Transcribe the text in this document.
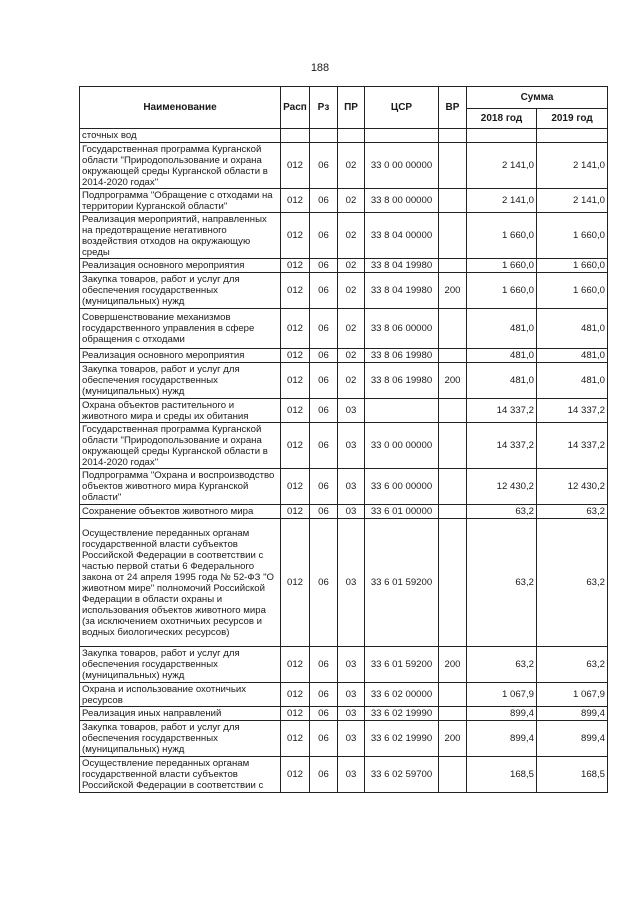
188
Наименование	Расп	Рз	ПР	ЦСР	ВР	Сумма	
						2018 год	2019 год
сточных вод							
Государственная программа Курганской области "Природопользование и охрана окружающей среды Курганской области в 2014-2020 годах"	012	06	02	33 0 00 00000		2 141,0	2 141,0
Подпрограмма "Обращение с отходами на территории Курганской области"	012	06	02	33 8 00 00000		2 141,0	2 141,0
Реализация мероприятий, направленных на предотвращение негативного воздействия отходов на окружающую среды	012	06	02	33 8 04 00000		1 660,0	1 660,0
Реализация основного мероприятия	012	06	02	33 8 04 19980		1 660,0	1 660,0
Закупка товаров, работ и услуг для обеспечения государственных (муниципальных) нужд	012	06	02	33 8 04 19980	200	1 660,0	1 660,0
Совершенствование механизмов государственного управления в сфере обращения с отходами	012	06	02	33 8 06 00000		481,0	481,0
Реализация основного мероприятия	012	06	02	33 8 06 19980		481,0	481,0
Закупка товаров, работ и услуг для обеспечения государственных (муниципальных) нужд	012	06	02	33 8 06 19980	200	481,0	481,0
Охрана объектов растительного и животного мира и среды их обитания	012	06	03			14 337,2	14 337,2
Государственная программа Курганской области "Природопользование и охрана окружающей среды Курганской области в 2014-2020 годах"	012	06	03	33 0 00 00000		14 337,2	14 337,2
Подпрограмма "Охрана и воспроизводство объектов животного мира Курганской области"	012	06	03	33 6 00 00000		12 430,2	12 430,2
Сохранение объектов животного мира	012	06	03	33 6 01 00000		63,2	63,2
Осуществление переданных органам государственной власти субъектов Российской Федерации в соответствии с частью первой статьи 6 Федерального закона от 24 апреля 1995 года № 52-ФЗ "О животном мире" полномочий Российской Федерации в области охраны и использования объектов животного мира (за исключением охотничьих ресурсов и водных биологических ресурсов)	012	06	03	33 6 01 59200		63,2	63,2
Закупка товаров, работ и услуг для обеспечения государственных (муниципальных) нужд	012	06	03	33 6 01 59200	200	63,2	63,2
Охрана и использование охотничьих ресурсов	012	06	03	33 6 02 00000		1 067,9	1 067,9
Реализация иных направлений	012	06	03	33 6 02 19990		899,4	899,4
Закупка товаров, работ и услуг для обеспечения государственных (муниципальных) нужд	012	06	03	33 6 02 19990	200	899,4	899,4
Осуществление переданных органам государственной власти субъектов Российской Федерации в соответствии с	012	06	03	33 6 02 59700		168,5	168,5
